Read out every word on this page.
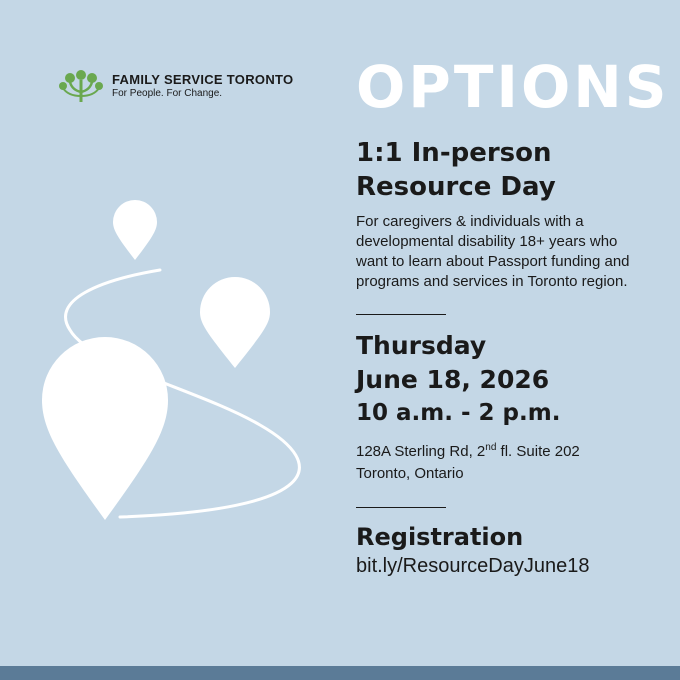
FAMILY SERVICE TORONTO
For People. For Change.	OPTIONS
1:1 In-person
Resource Day
For caregivers & individuals with a developmental disability 18+ years who want to learn about Passport funding and programs and services in Toronto region.
Thursday
June 18, 2026
10 a.m. - 2 p.m.
128A Sterling Rd, 2nd fl. Suite 202
Toronto, Ontario
Registration
bit.ly/ResourceDayJune18
